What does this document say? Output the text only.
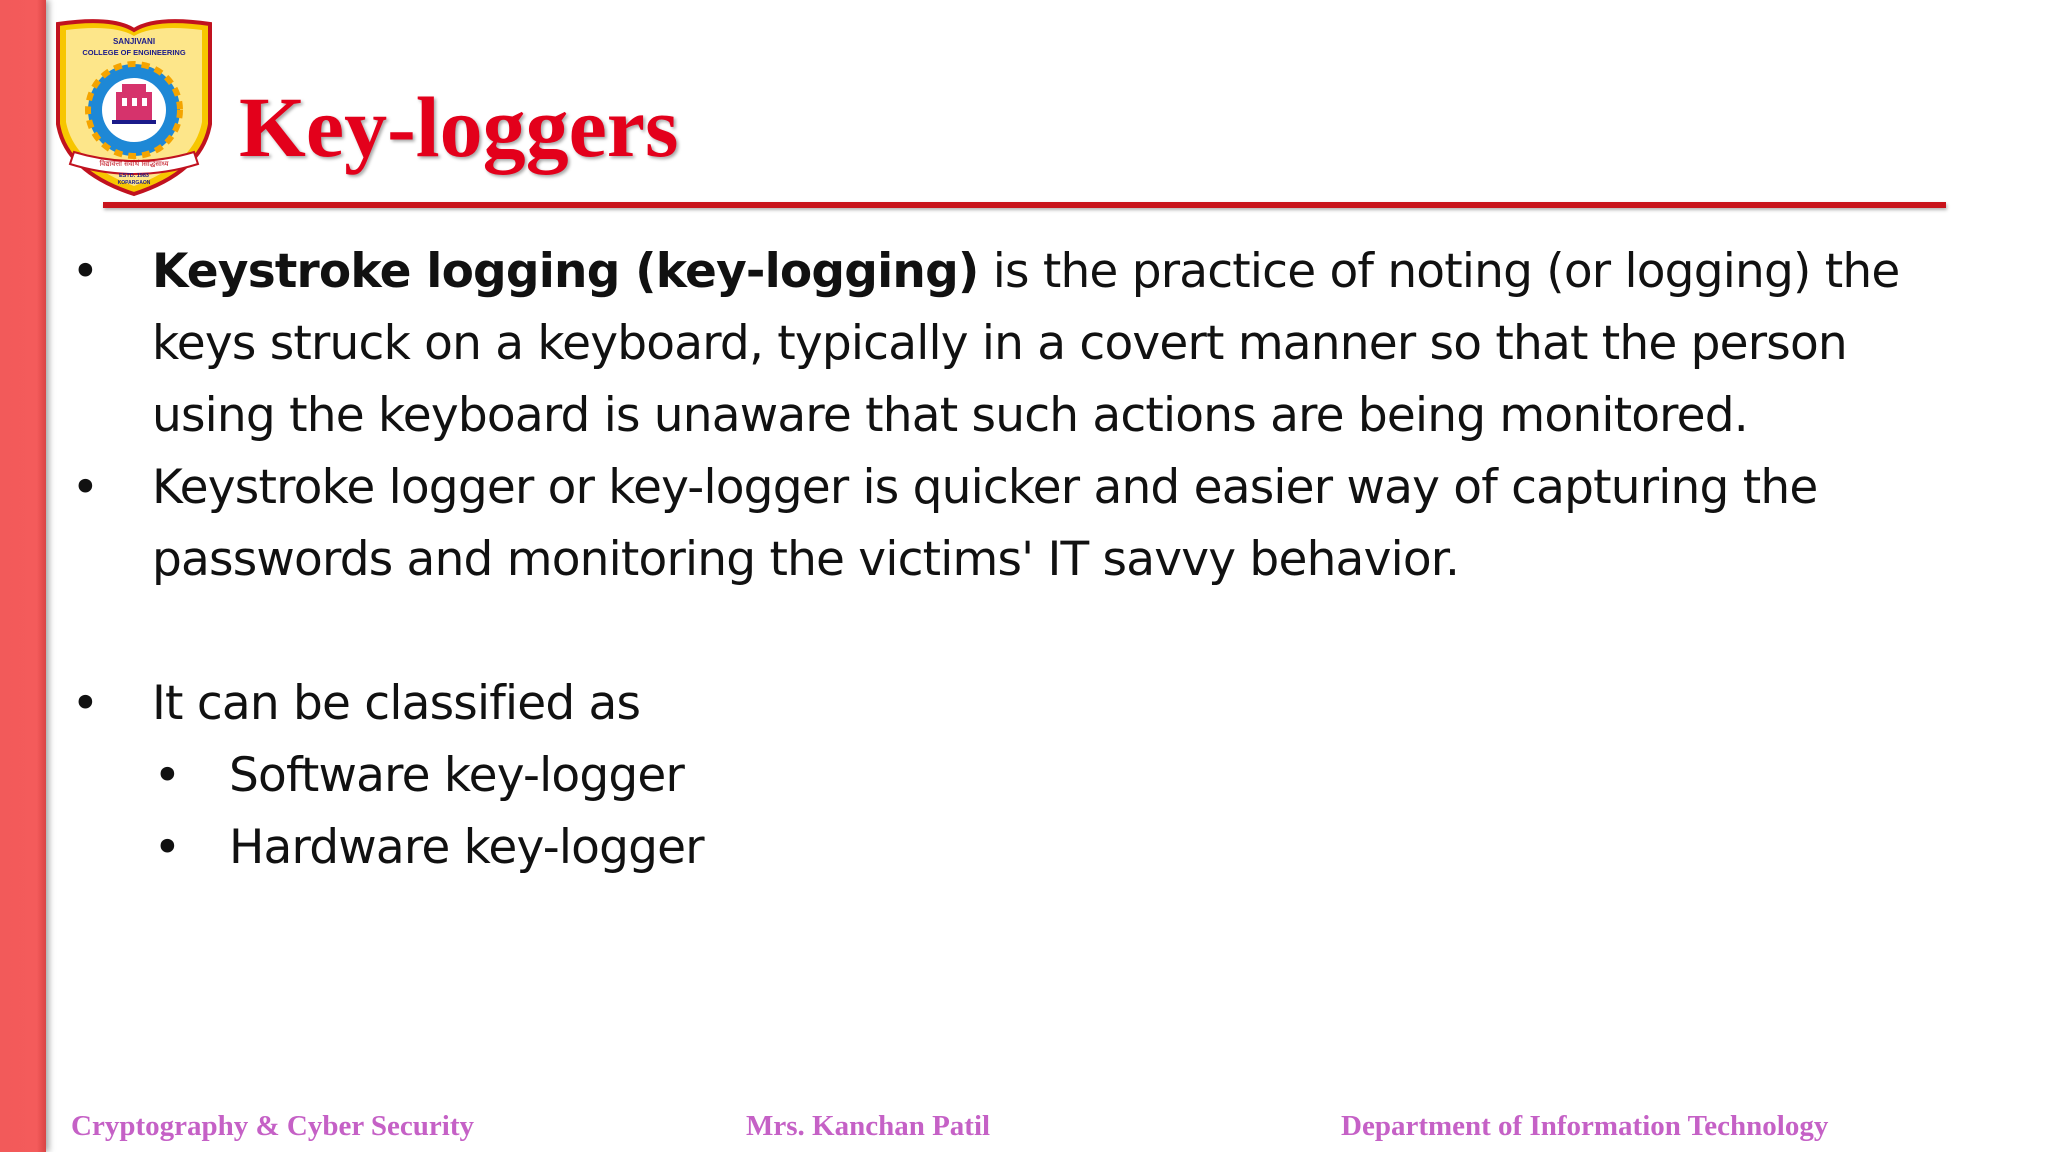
SANJIVANI
COLLEGE OF ENGINEERING
विद्यावेत्ता सर्वार्थ सिद्धिसाध्य
ESTD. 1983
KOPARGAON
Key-loggers
• Keystroke logging (key-logging) is the practice of noting (or logging) the
keys struck on a keyboard, typically in a covert manner so that the person
using the keyboard is unaware that such actions are being monitored.
• Keystroke logger or key-logger is quicker and easier way of capturing the
passwords and monitoring the victims' IT savvy behavior.
• It can be classified as
• Software key-logger
• Hardware key-logger
Cryptography & Cyber Security	Mrs. Kanchan Patil	Department of Information Technology
